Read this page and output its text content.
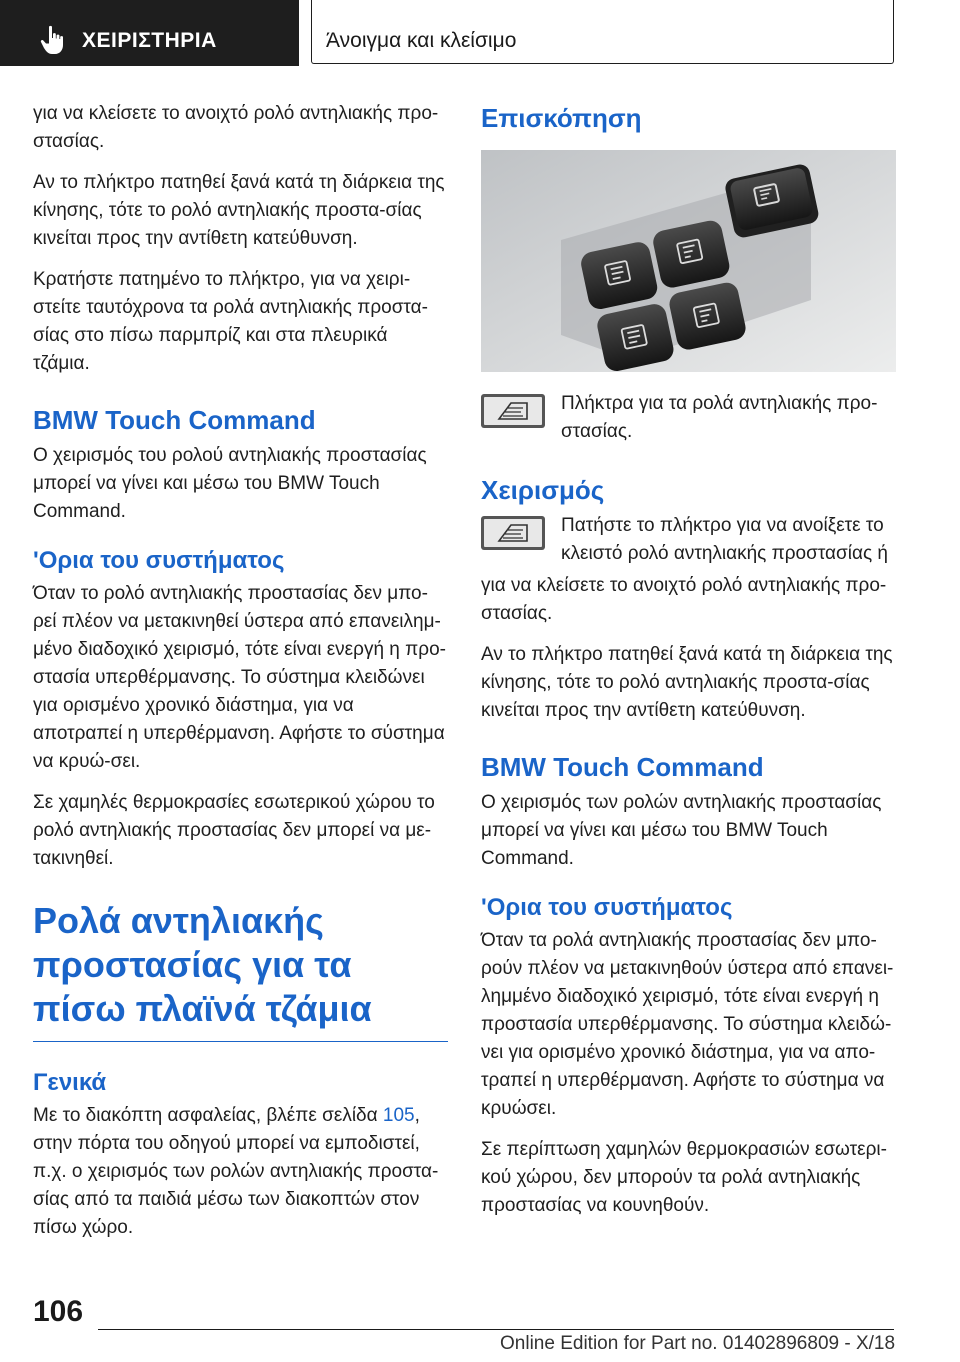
ΧΕΙΡΙΣΤΗΡΙΑ	Άνοιγμα και κλείσιμο

για να κλείσετε το ανοιχτό ρολό αντηλιακής προ-στασίας.

Αν το πλήκτρο πατηθεί ξανά κατά τη διάρκεια της κίνησης, τότε το ρολό αντηλιακής προστα-σίας κινείται προς την αντίθετη κατεύθυνση.

Κρατήστε πατημένο το πλήκτρο, για να χειρι-στείτε ταυτόχρονα τα ρολά αντηλιακής προστα-σίας στο πίσω παρμπρίζ και στα πλευρικά τζάμια.

BMW Touch Command

Ο χειρισμός του ρολού αντηλιακής προστασίας μπορεί να γίνει και μέσω του BMW Touch Command.

'Ορια του συστήματος

Όταν το ρολό αντηλιακής προστασίας δεν μπο-ρεί πλέον να μετακινηθεί ύστερα από επανειλημ-μένο διαδοχικό χειρισμό, τότε είναι ενεργή η προ-στασία υπερθέρμανσης. Το σύστημα κλειδώνει για ορισμένο χρονικό διάστημα, για να αποτραπεί η υπερθέρμανση. Αφήστε το σύστημα να κρυώ-σει.

Σε χαμηλές θερμοκρασίες εσωτερικού χώρου το ρολό αντηλιακής προστασίας δεν μπορεί να με-τακινηθεί.

Ρολά αντηλιακής προστασίας για τα πίσω πλαϊνά τζάμια
Γενικά

Με το διακόπτη ασφαλείας, βλέπε σελίδα 105, στην πόρτα του οδηγού μπορεί να εμποδιστεί, π.χ. ο χειρισμός των ρολών αντηλιακής προστα-σίας από τα παιδιά μέσω των διακοπτών στον πίσω χώρο.

Επισκόπηση

Πλήκτρα για τα ρολά αντηλιακής προ-στασίας.

Χειρισμός

Πατήστε το πλήκτρο για να ανοίξετε το κλειστό ρολό αντηλιακής προστασίας ή

για να κλείσετε το ανοιχτό ρολό αντηλιακής προ-στασίας.

Αν το πλήκτρο πατηθεί ξανά κατά τη διάρκεια της κίνησης, τότε το ρολό αντηλιακής προστα-σίας κινείται προς την αντίθετη κατεύθυνση.

BMW Touch Command

Ο χειρισμός των ρολών αντηλιακής προστασίας μπορεί να γίνει και μέσω του BMW Touch Command.

'Ορια του συστήματος

Όταν τα ρολά αντηλιακής προστασίας δεν μπο-ρούν πλέον να μετακινηθούν ύστερα από επανει-λημμένο διαδοχικό χειρισμό, τότε είναι ενεργή η προστασία υπερθέρμανσης. Το σύστημα κλειδώ-νει για ορισμένο χρονικό διάστημα, για να απο-τραπεί η υπερθέρμανση. Αφήστε το σύστημα να κρυώσει.

Σε περίπτωση χαμηλών θερμοκρασιών εσωτερι-κού χώρου, δεν μπορούν τα ρολά αντηλιακής προστασίας να κουνηθούν.

106
Online Edition for Part no. 01402896809 - X/18
